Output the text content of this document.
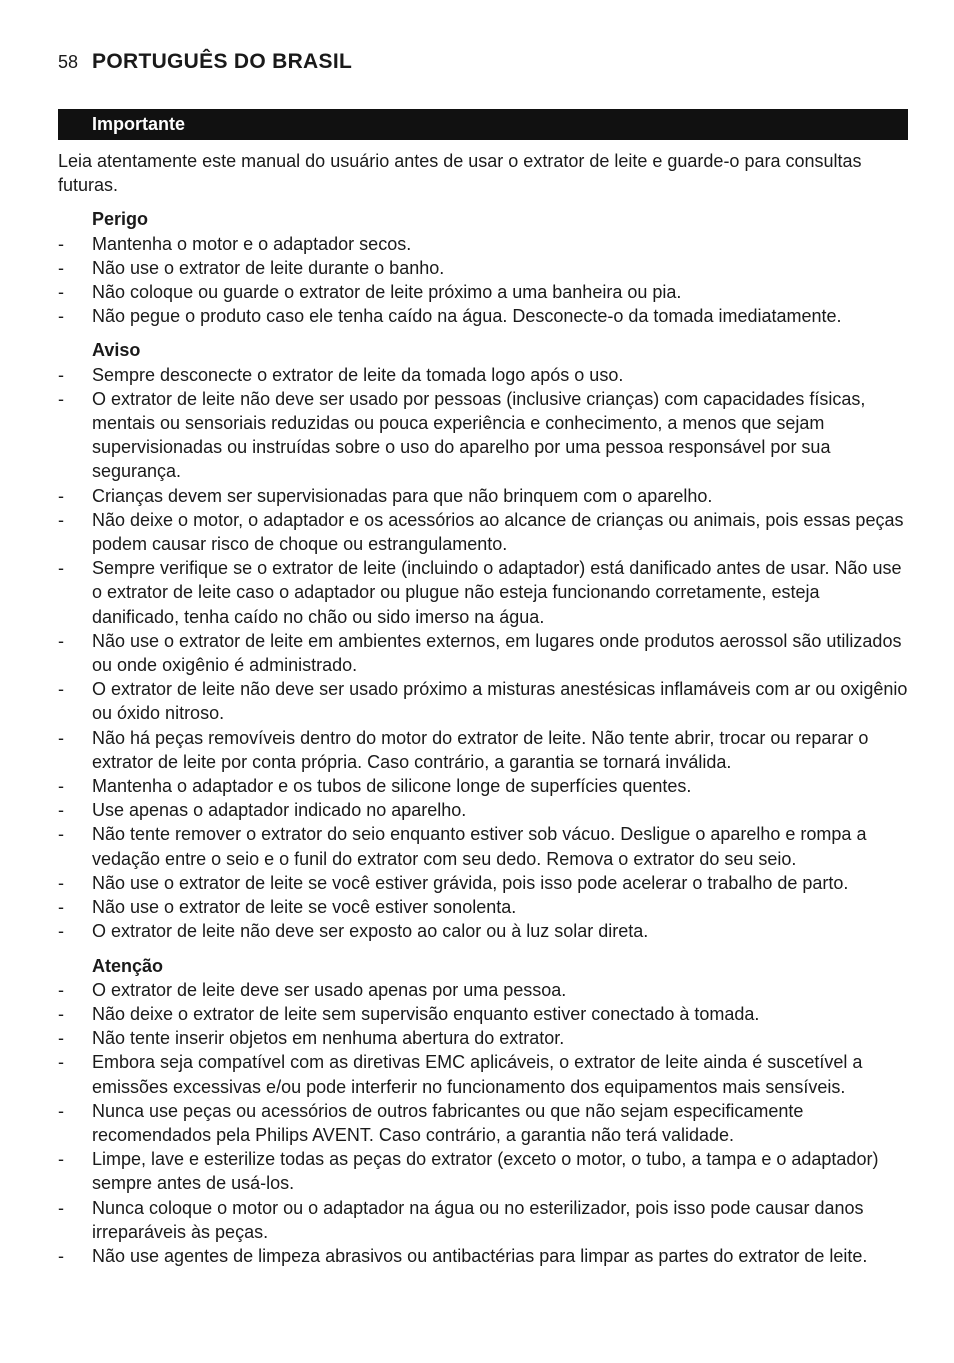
58 PORTUGUÊS DO BRASIL
Importante

Leia atentamente este manual do usuário antes de usar o extrator de leite e guarde-o para consultas futuras.

Perigo
- Mantenha o motor e o adaptador secos.
- Não use o extrator de leite durante o banho.
- Não coloque ou guarde o extrator de leite próximo a uma banheira ou pia.
- Não pegue o produto caso ele tenha caído na água. Desconecte-o da tomada imediatamente.
Aviso
- Sempre desconecte o extrator de leite da tomada logo após o uso.
- O extrator de leite não deve ser usado por pessoas (inclusive crianças) com capacidades físicas, mentais ou sensoriais reduzidas ou pouca experiência e conhecimento, a menos que sejam supervisionadas ou instruídas sobre o uso do aparelho por uma pessoa responsável por sua segurança.
- Crianças devem ser supervisionadas para que não brinquem com o aparelho.
- Não deixe o motor, o adaptador e os acessórios ao alcance de crianças ou animais, pois essas peças podem causar risco de choque ou estrangulamento.
- Sempre verifique se o extrator de leite (incluindo o adaptador) está danificado antes de usar. Não use o extrator de leite caso o adaptador ou plugue não esteja funcionando corretamente, esteja danificado, tenha caído no chão ou sido imerso na água.
- Não use o extrator de leite em ambientes externos, em lugares onde produtos aerossol são utilizados ou onde oxigênio é administrado.
- O extrator de leite não deve ser usado próximo a misturas anestésicas inflamáveis com ar ou oxigênio ou óxido nitroso.
- Não há peças removíveis dentro do motor do extrator de leite. Não tente abrir, trocar ou reparar o extrator de leite por conta própria. Caso contrário, a garantia se tornará inválida.
- Mantenha o adaptador e os tubos de silicone longe de superfícies quentes.
- Use apenas o adaptador indicado no aparelho.
- Não tente remover o extrator do seio enquanto estiver sob vácuo. Desligue o aparelho e rompa a vedação entre o seio e o funil do extrator com seu dedo. Remova o extrator do seu seio.
- Não use o extrator de leite se você estiver grávida, pois isso pode acelerar o trabalho de parto.
- Não use o extrator de leite se você estiver sonolenta.
- O extrator de leite não deve ser exposto ao calor ou à luz solar direta.
Atenção
- O extrator de leite deve ser usado apenas por uma pessoa.
- Não deixe o extrator de leite sem supervisão enquanto estiver conectado à tomada.
- Não tente inserir objetos em nenhuma abertura do extrator.
- Embora seja compatível com as diretivas EMC aplicáveis, o extrator de leite ainda é suscetível a emissões excessivas e/ou pode interferir no funcionamento dos equipamentos mais sensíveis.
- Nunca use peças ou acessórios de outros fabricantes ou que não sejam especificamente recomendados pela Philips AVENT. Caso contrário, a garantia não terá validade.
- Limpe, lave e esterilize todas as peças do extrator (exceto o motor, o tubo, a tampa e o adaptador) sempre antes de usá-los.
- Nunca coloque o motor ou o adaptador na água ou no esterilizador, pois isso pode causar danos irreparáveis às peças.
- Não use agentes de limpeza abrasivos ou antibactérias para limpar as partes do extrator de leite.
